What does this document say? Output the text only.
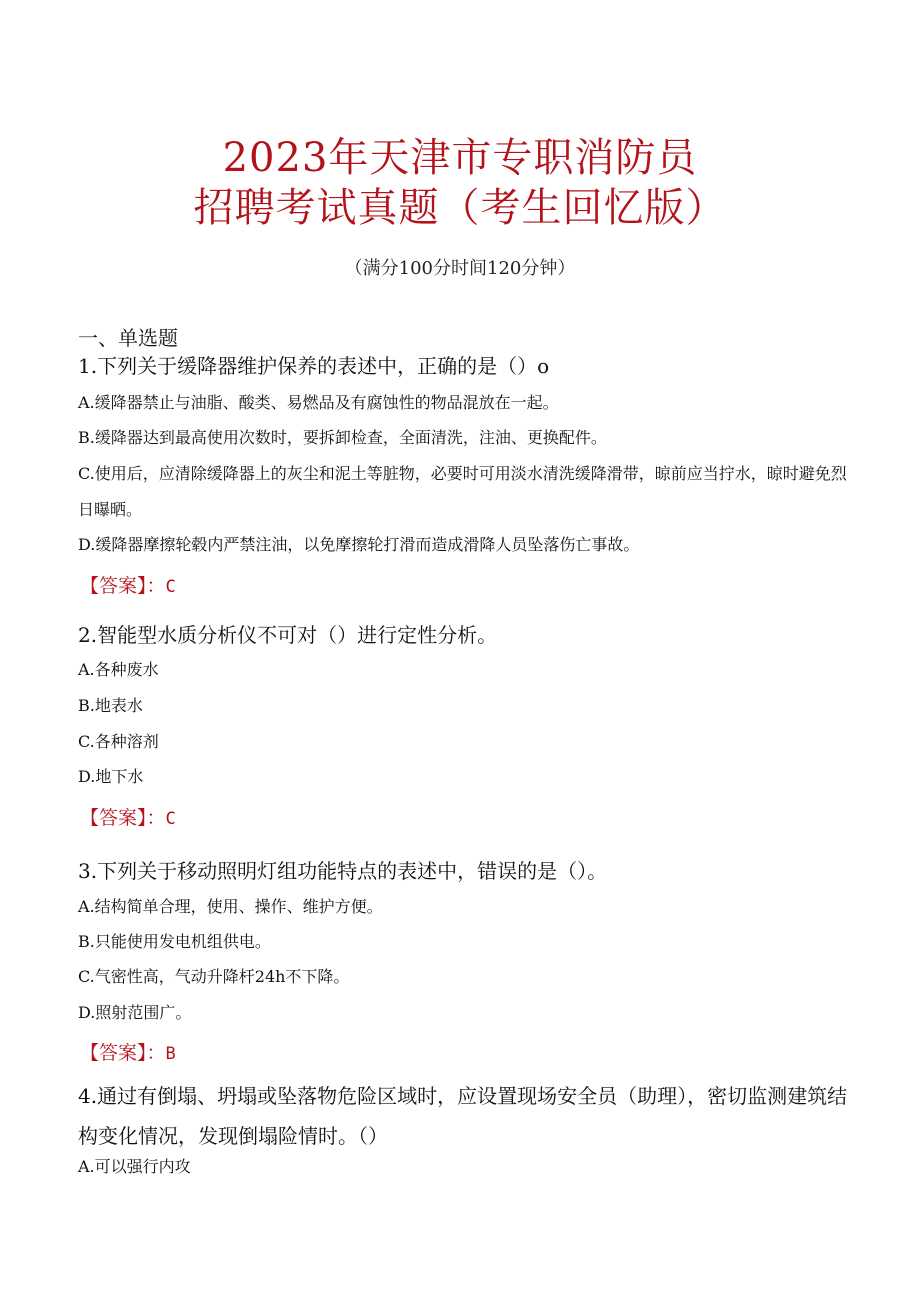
2023年天津市专职消防员
招聘考试真题（考生回忆版）
（满分100分时间120分钟）
一、单选题
1.下列关于缓降器维护保养的表述中，正确的是（）o
A.缓降器禁止与油脂、酸类、易燃品及有腐蚀性的物品混放在一起。
B.缓降器达到最高使用次数时，要拆卸检查，全面清洗，注油、更换配件。
C.使用后，应清除缓降器上的灰尘和泥土等脏物，必要时可用淡水清洗缓降滑带，晾前应当拧水，晾时避免烈日曝晒。
D.缓降器摩擦轮毂内严禁注油，以免摩擦轮打滑而造成滑降人员坠落伤亡事故。
【答案】：C
2.智能型水质分析仪不可对（）进行定性分析。
A.各种废水
B.地表水
C.各种溶剂
D.地下水
【答案】：C
3.下列关于移动照明灯组功能特点的表述中，错误的是（）。
A.结构简单合理，使用、操作、维护方便。
B.只能使用发电机组供电。
C.气密性高，气动升降杆24h不下降。
D.照射范围广。
【答案】：B
4.通过有倒塌、坍塌或坠落物危险区域时，应设置现场安全员（助理），密切监测建筑结构变化情况，发现倒塌险情时。（）
A.可以强行内攻
